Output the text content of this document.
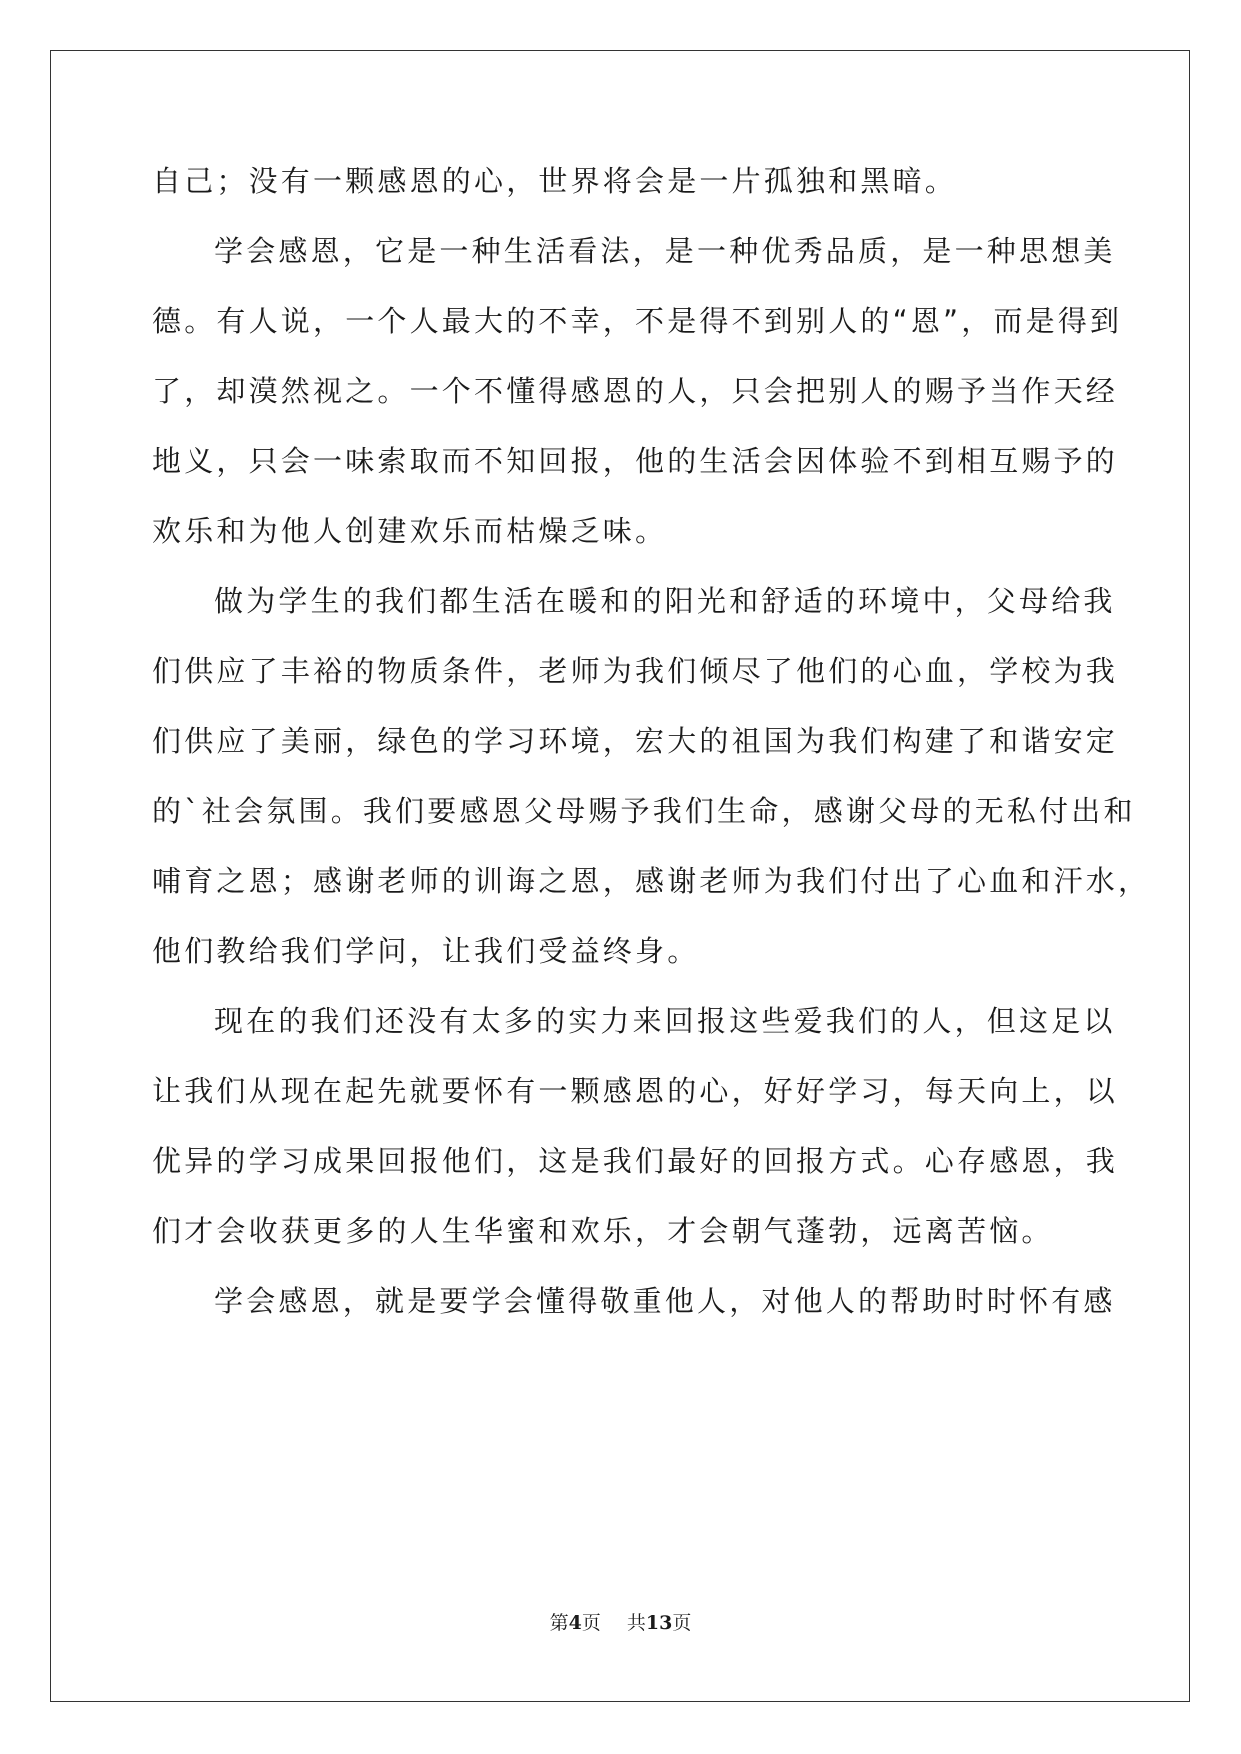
自己；没有一颗感恩的心，世界将会是一片孤独和黑暗。

学会感恩，它是一种生活看法，是一种优秀品质，是一种思想美

德。有人说，一个人最大的不幸，不是得不到别人的“恩”，而是得到

了，却漠然视之。一个不懂得感恩的人，只会把别人的赐予当作天经

地义，只会一味索取而不知回报，他的生活会因体验不到相互赐予的

欢乐和为他人创建欢乐而枯燥乏味。

做为学生的我们都生活在暖和的阳光和舒适的环境中，父母给我

们供应了丰裕的物质条件，老师为我们倾尽了他们的心血，学校为我

们供应了美丽，绿色的学习环境，宏大的祖国为我们构建了和谐安定

的`社会氛围。我们要感恩父母赐予我们生命，感谢父母的无私付出和

哺育之恩；感谢老师的训诲之恩，感谢老师为我们付出了心血和汗水，

他们教给我们学问，让我们受益终身。

现在的我们还没有太多的实力来回报这些爱我们的人，但这足以

让我们从现在起先就要怀有一颗感恩的心，好好学习，每天向上，以

优异的学习成果回报他们，这是我们最好的回报方式。心存感恩，我

们才会收获更多的人生华蜜和欢乐，才会朝气蓬勃，远离苦恼。

学会感恩，就是要学会懂得敬重他人，对他人的帮助时时怀有感

第4页 共13页
